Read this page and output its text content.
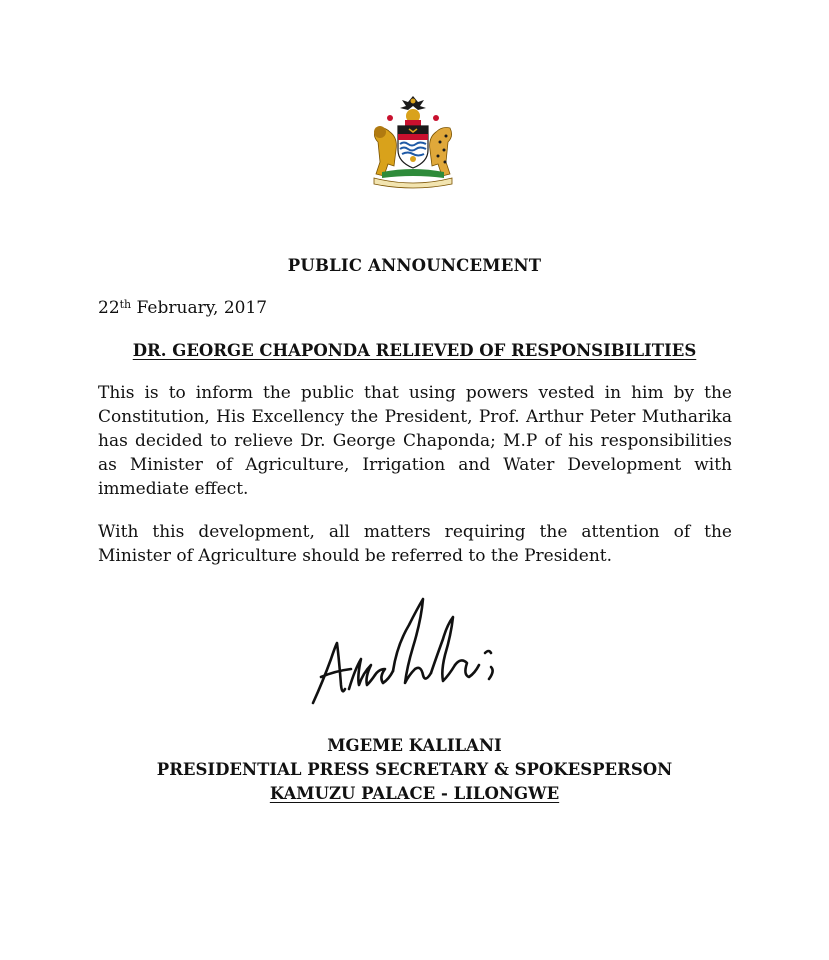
PUBLIC ANNOUNCEMENT
22th February, 2017
DR. GEORGE CHAPONDA RELIEVED OF RESPONSIBILITIES

This is to inform the public that using powers vested in him by the Constitution, His Excellency the President, Prof. Arthur Peter Mutharika has decided to relieve Dr. George Chaponda; M.P of his responsibilities as Minister of Agriculture, Irrigation and Water Development with immediate effect.

With this development, all matters requiring the attention of the Minister of Agriculture should be referred to the President.

MGEME KALILANI
PRESIDENTIAL PRESS SECRETARY & SPOKESPERSON
KAMUZU PALACE - LILONGWE
